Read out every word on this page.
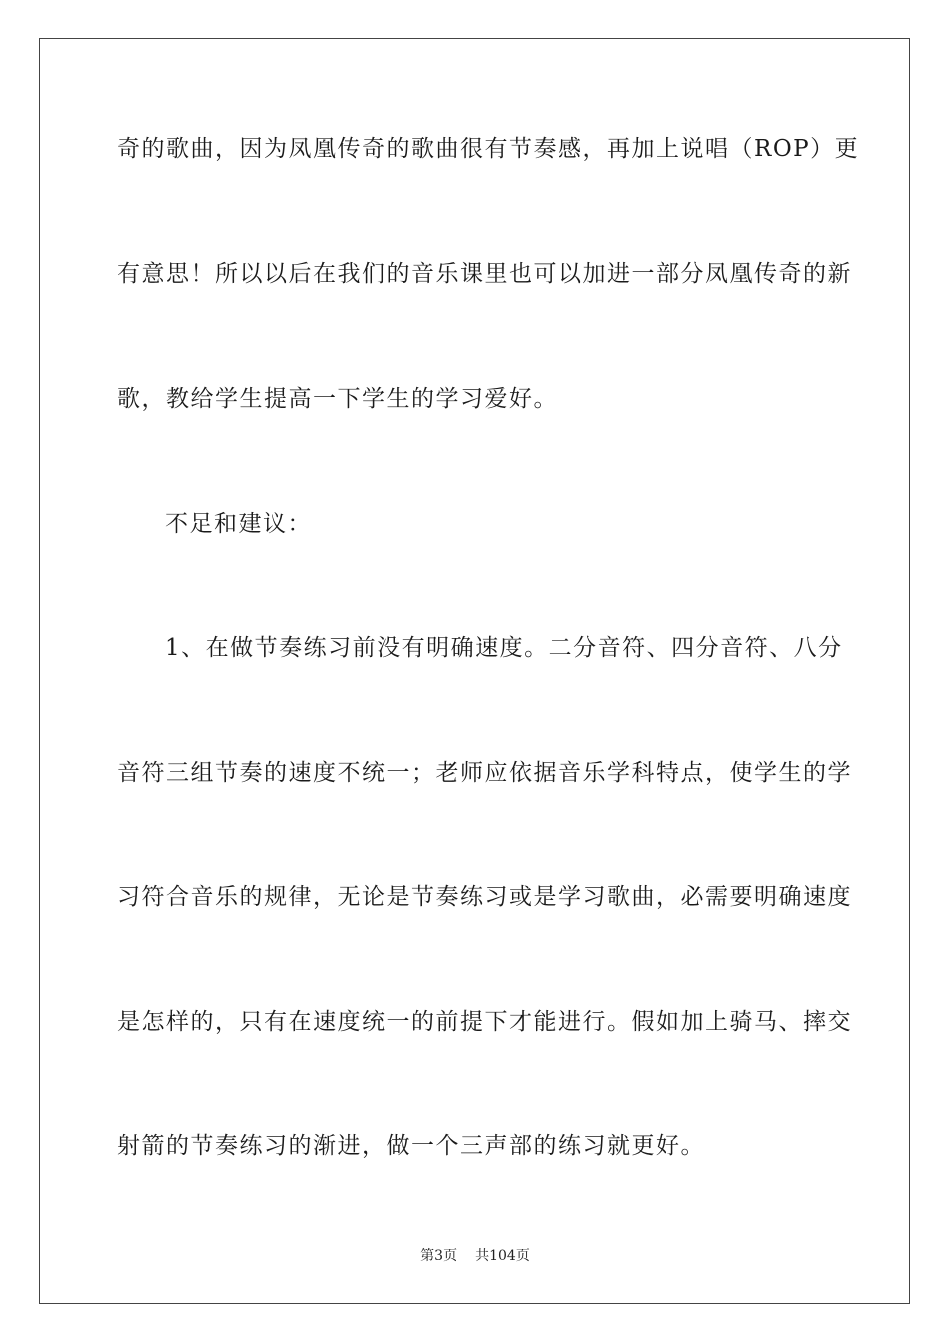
奇的歌曲，因为凤凰传奇的歌曲很有节奏感，再加上说唱（ROP）更
有意思！所以以后在我们的音乐课里也可以加进一部分凤凰传奇的新
歌，教给学生提高一下学生的学习爱好。
不足和建议：
1、在做节奏练习前没有明确速度。二分音符、四分音符、八分
音符三组节奏的速度不统一；老师应依据音乐学科特点，使学生的学
习符合音乐的规律，无论是节奏练习或是学习歌曲，必需要明确速度
是怎样的，只有在速度统一的前提下才能进行。假如加上骑马、摔交
射箭的节奏练习的渐进，做一个三声部的练习就更好。
第3页 共104页
